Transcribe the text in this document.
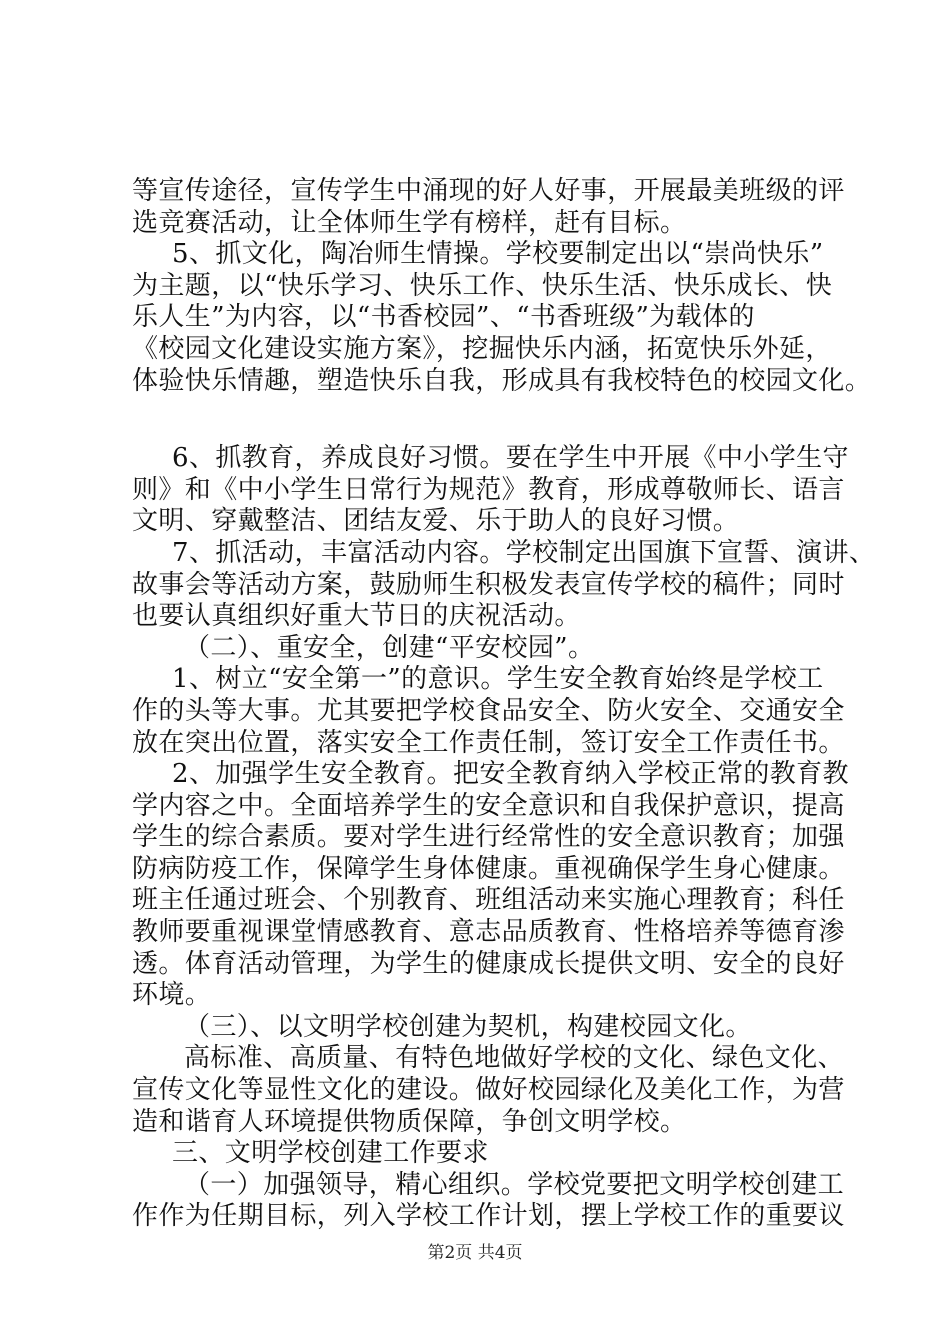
等宣传途径，宣传学生中涌现的好人好事，开展最美班级的评
选竞赛活动，让全体师生学有榜样，赶有目标。
5、抓文化，陶冶师生情操。学校要制定出以“崇尚快乐”
为主题，以“快乐学习、快乐工作、快乐生活、快乐成长、快
乐人生”为内容，以“书香校园”、“书香班级”为载体的
《校园文化建设实施方案》，挖掘快乐内涵，拓宽快乐外延，
体验快乐情趣，塑造快乐自我，形成具有我校特色的校园文化。
6、抓教育，养成良好习惯。要在学生中开展《中小学生守
则》和《中小学生日常行为规范》教育，形成尊敬师长、语言
文明、穿戴整洁、团结友爱、乐于助人的良好习惯。
7、抓活动，丰富活动内容。学校制定出国旗下宣誓、演讲、
故事会等活动方案，鼓励师生积极发表宣传学校的稿件；同时
也要认真组织好重大节日的庆祝活动。
（二）、重安全，创建“平安校园”。
1、树立“安全第一”的意识。学生安全教育始终是学校工
作的头等大事。尤其要把学校食品安全、防火安全、交通安全
放在突出位置，落实安全工作责任制，签订安全工作责任书。
2、加强学生安全教育。把安全教育纳入学校正常的教育教
学内容之中。全面培养学生的安全意识和自我保护意识，提高
学生的综合素质。要对学生进行经常性的安全意识教育；加强
防病防疫工作，保障学生身体健康。重视确保学生身心健康。
班主任通过班会、个别教育、班组活动来实施心理教育；科任
教师要重视课堂情感教育、意志品质教育、性格培养等德育渗
透。体育活动管理，为学生的健康成长提供文明、安全的良好
环境。
（三）、以文明学校创建为契机，构建校园文化。
高标准、高质量、有特色地做好学校的文化、绿色文化、
宣传文化等显性文化的建设。做好校园绿化及美化工作，为营
造和谐育人环境提供物质保障，争创文明学校。
三、文明学校创建工作要求
（一）加强领导，精心组织。学校党要把文明学校创建工
作作为任期目标，列入学校工作计划，摆上学校工作的重要议
第2页 共4页
